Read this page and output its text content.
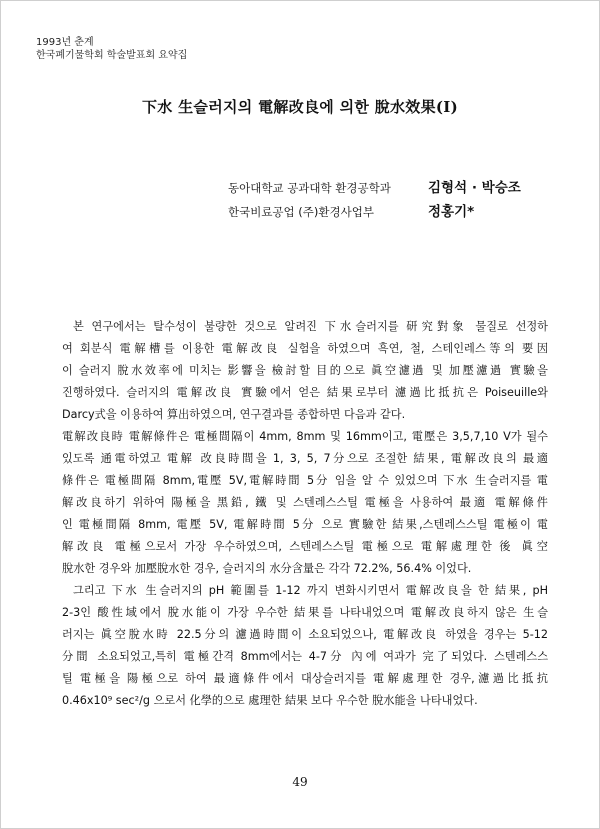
1993년 춘계
한국폐기물학회 학술발표회 요약집
下水 生슬러지의 電解改良에 의한 脫水效果(Ⅰ)
동아대학교 공과대학 환경공학과	김형석 · 박승조
한국비료공업 (주)환경사업부	정홍기*
본 연구에서는 탈수성이 불량한 것으로 알려진 下水슬러지를 研究對象 물질로 선정하
여 회분식 電解槽를 이용한 電解改良 실험을 하였으며 흑연, 철, 스테인레스等의 要因
이 슬러지 脫水效率에 미치는 影響을 檢討할 目的으로 眞空濾過 및 加壓濾過 實驗을
진행하였다. 슬러지의 電解改良 實驗에서 얻은 結果로부터 濾過比抵抗은 Poiseuille와
Darcy式을 이용하여 算出하였으며, 연구결과를 종합하면 다음과 같다.
電解改良時 電解條件은 電極間隔이 4mm, 8mm 및 16mm이고, 電壓은 3,5,7,10 V가 될수
있도록 通電하였고 電解 改良時間을 1, 3, 5, 7分으로 조절한 結果, 電解改良의 最適
條件은 電極間隔 8mm,電壓 5V,電解時間 5分 임을 알 수 있었으며 下水 生슬러지를 電
解改良하기 위하여 陽極을 黑鉛, 鐵 및 스텐레스스틸 電極을 사용하여 最適 電解條件
인 電極間隔 8mm, 電壓 5V, 電解時間 5分 으로 實驗한 結果,스텐레스스틸 電極이 電
解改良 電極으로서 가장 우수하였으며, 스텐레스스틸 電極으로 電解處理한 後 眞空
脫水한 경우와 加壓脫水한 경우, 슬러지의 水分含量은 각각 72.2%, 56.4% 이었다.
그리고 下水 生슬러지의 pH 範圍를 1-12 까지 변화시키면서 電解改良을 한 結果, pH
2-3인 酸性域에서 脫水能이 가장 우수한 結果를 나타내었으며 電解改良하지 않은 生슬
러지는 眞空脫水時 22.5分의 濾過時間이 소요되었으나, 電解改良 하였을 경우는 5-12
分間 소요되었고,특히 電極간격 8mm에서는 4-7分 內에 여과가 完了되었다. 스텐레스스
틸 電極을 陽極으로 하여 最適條件에서 대상슬러지를 電解處理한 경우,濾過比抵抗
0.46x10⁹ sec²/g 으로서 化學的으로 處理한 結果 보다 우수한 脫水能을 나타내었다.
49
